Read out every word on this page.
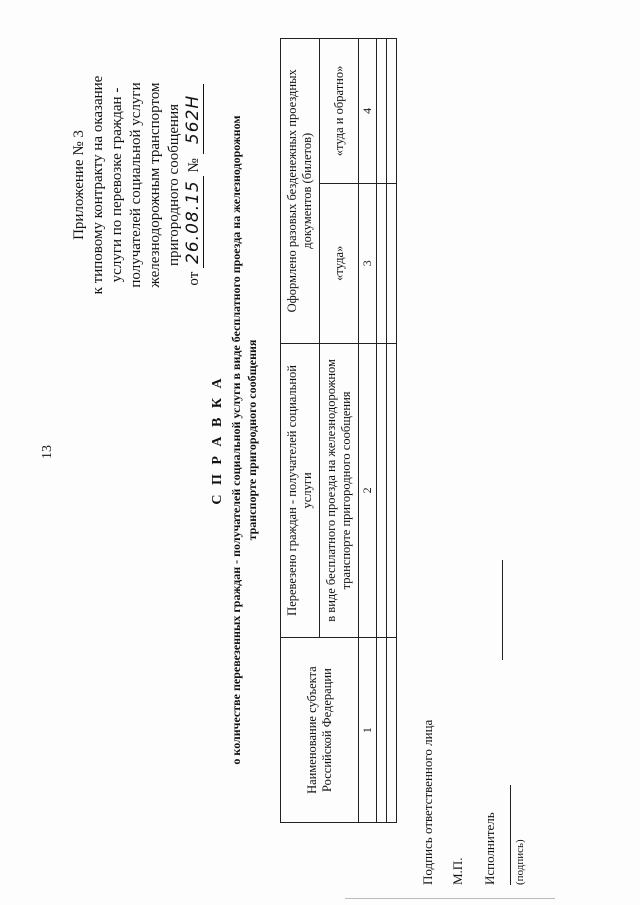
13
Приложение № 3 к типовому контракту на оказание услуги по перевозке граждан - получателей социальной услуги железнодорожным транспортом пригородного сообщения
от 26.08.15 № 562Н
С П Р А В К А о количестве перевезенных граждан - получателей социальной услуги в виде бесплатного проезда на железнодорожном транспорте пригородного сообщения
Наименование субъекта Российской Федерации	Перевезено граждан - получателей социальной услуги	Оформлено разовых безденежных проездных документов (билетов)	
	в виде бесплатного проезда на железнодорожном транспорте пригородного сообщения	«туда»	«туда и обратно»
1	2	3	4

Подпись ответственного лица М.П. Исполнитель (подпись)
